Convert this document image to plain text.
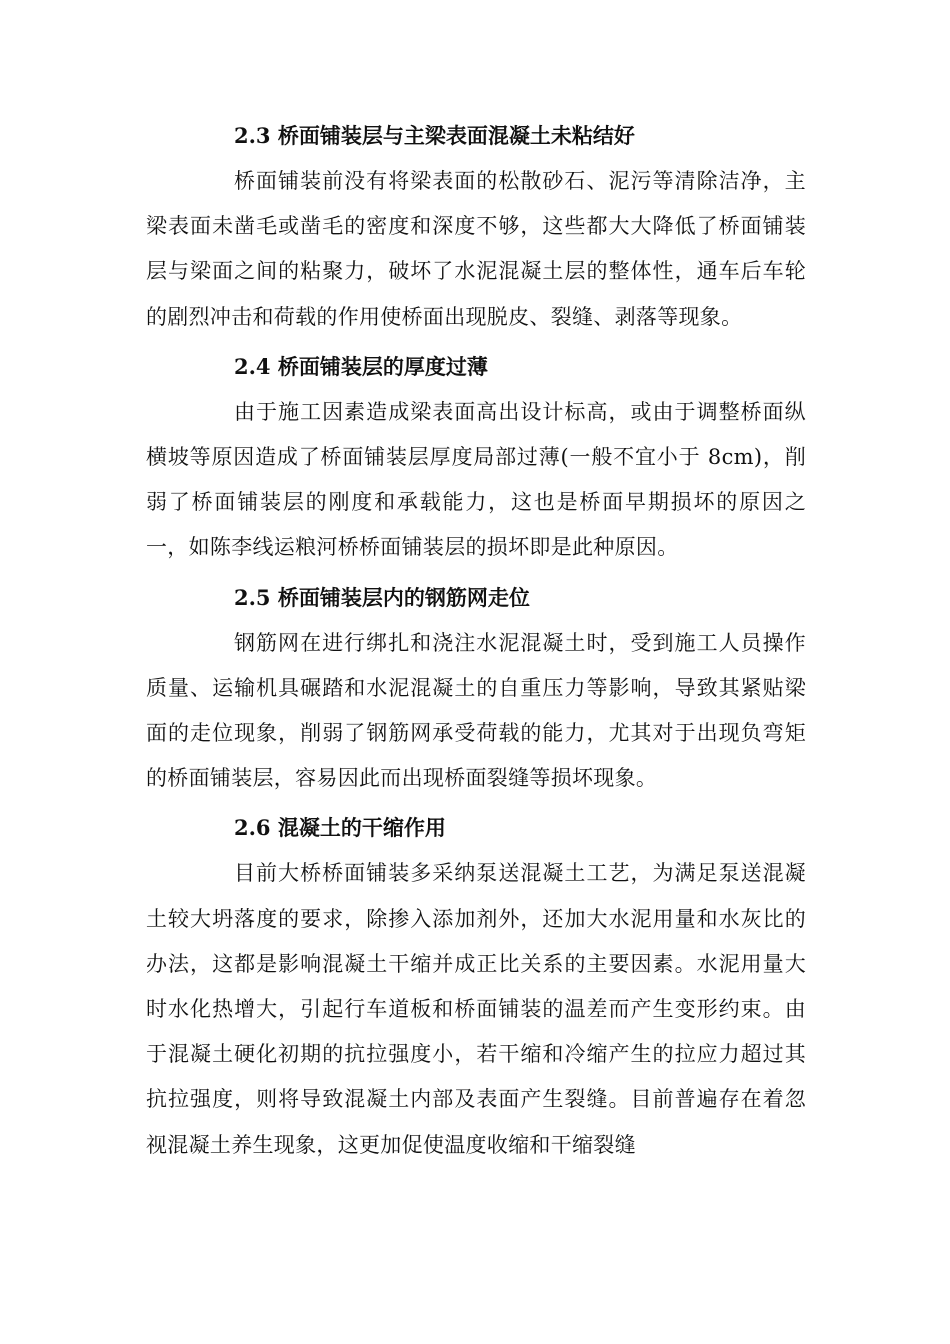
2.3 桥面铺装层与主梁表面混凝土未粘结好

桥面铺装前没有将梁表面的松散砂石、泥污等清除洁净，主梁表面未凿毛或凿毛的密度和深度不够，这些都大大降低了桥面铺装层与梁面之间的粘聚力，破坏了水泥混凝土层的整体性，通车后车轮的剧烈冲击和荷载的作用使桥面出现脱皮、裂缝、剥落等现象。

2.4 桥面铺装层的厚度过薄

由于施工因素造成梁表面高出设计标高，或由于调整桥面纵横坡等原因造成了桥面铺装层厚度局部过薄(一般不宜小于 8cm)，削弱了桥面铺装层的刚度和承载能力，这也是桥面早期损坏的原因之一，如陈李线运粮河桥桥面铺装层的损坏即是此种原因。

2.5 桥面铺装层内的钢筋网走位

钢筋网在进行绑扎和浇注水泥混凝土时，受到施工人员操作质量、运输机具碾踏和水泥混凝土的自重压力等影响，导致其紧贴梁面的走位现象，削弱了钢筋网承受荷载的能力，尤其对于出现负弯矩的桥面铺装层，容易因此而出现桥面裂缝等损坏现象。

2.6 混凝土的干缩作用

目前大桥桥面铺装多采纳泵送混凝土工艺，为满足泵送混凝土较大坍落度的要求，除掺入添加剂外，还加大水泥用量和水灰比的办法，这都是影响混凝土干缩并成正比关系的主要因素。水泥用量大时水化热增大，引起行车道板和桥面铺装的温差而产生变形约束。由于混凝土硬化初期的抗拉强度小，若干缩和冷缩产生的拉应力超过其抗拉强度，则将导致混凝土内部及表面产生裂缝。目前普遍存在着忽视混凝土养生现象，这更加促使温度收缩和干缩裂缝
